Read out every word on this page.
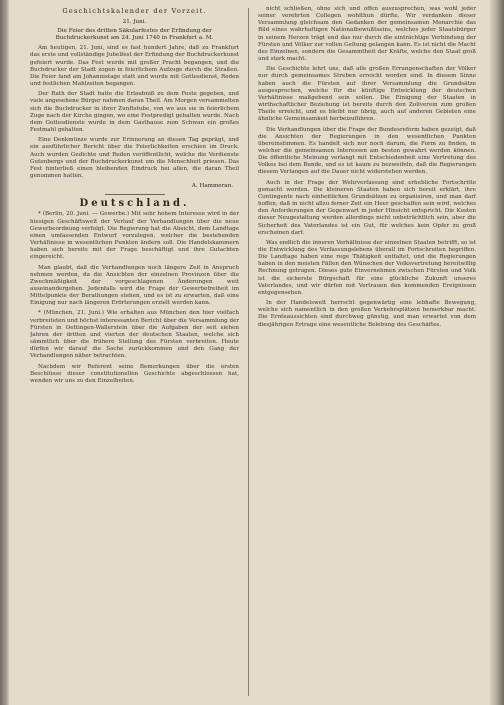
Geschichtskalender der Vorzeit.
21. Juni.
Die Feier des dritten Säkularfestes der Erfindung der Buchdruckerkunst am 24. Juni 1740 in Frankfurt a. M.

Am heutigen, 21. Juni, sind es fast hundert Jahre, daß zu Frankfurt das erste und vollständige Jubelfest der Erfindung der Buchdruckerkunst gefeiert wurde. Das Fest wurde mit großer Pracht begangen, und die Buchdrucker der Stadt zogen in feierlichem Aufzuge durch die Straßen. Die Feier fand am Johannistage statt und wurde mit Gottesdienst, Reden und festlichen Mahlzeiten begangen.

Der Rath der Stadt hatte die Erlaubniß zu dem Feste gegeben, und viele angesehene Bürger nahmen daran Theil. Am Morgen versammelten sich die Buchdrucker in ihrer Zunftstube, von wo aus sie in feierlichem Zuge nach der Kirche gingen, wo eine Festpredigt gehalten wurde. Nach dem Gottesdienste wurde in dem Gasthause zum Schwan ein großes Festmahl gehalten.

Eine Denkmünze wurde zur Erinnerung an diesen Tag geprägt, und ein ausführlicher Bericht über die Feierlichkeiten erschien im Druck. Auch wurden Gedichte und Reden veröffentlicht, welche die Verdienste Gutenbergs und der Buchdruckerkunst um die Menschheit priesen. Das Fest hinterließ einen bleibenden Eindruck bei allen, die daran Theil genommen hatten.

A. Hammeran.
Deutschland.

* (Berlin, 20. Juni. — Gewerbe.) Mit sehr hohem Interesse wird in der hiesigen Geschäftswelt der Verlauf der Verhandlungen über die neue Gewerbeordnung verfolgt. Die Regierung hat die Absicht, dem Landtage einen umfassenden Entwurf vorzulegen, welcher die bestehenden Verhältnisse in wesentlichen Punkten ändern soll. Die Handelskammern haben sich bereits mit der Frage beschäftigt und ihre Gutachten eingereicht.

Man glaubt, daß die Verhandlungen noch längere Zeit in Anspruch nehmen werden, da die Ansichten der einzelnen Provinzen über die Zweckmäßigkeit der vorgeschlagenen Änderungen weit auseinandergehen. Jedenfalls wird die Frage der Gewerbefreiheit im Mittelpunkte der Berathungen stehen, und es ist zu erwarten, daß eine Einigung nur nach längeren Erörterungen erzielt werden kann.

* (München, 21. Juni.) Wie erhalten aus München den hier vielfach verbreiteten und höchst interessanten Bericht über die Versammlung der Fürsten in Oettingen-Wallerstein über die Aufgaben der seit sieben Jahren der dritten und vierten der deutschen Staaten, welche sich sämmtlich über die frühere Stellung des Fürsten verbreiten. Heute dürfen wir darauf die Sache zurückkommen und den Gang der Verhandlungen näher betrachten.

Nachdem wir Referent seine Bemerkungen über die ersten Beschlüsse dieser constitutionellen Geschichte abgeschlossen hat, wenden wir uns zu den Einzelheiten.

nicht schließen, ohne sich und offen auszusprechen, was wohl jeder seiner verehrten Collegen wohlthun dürfte. Wir verdanken dieser Versammlung gleichsam den Gedanken der gemeinsamen Monarchie das Bild eines wahrhaftigen Nationalbewußtseins, welches jeder Staatsbürger in seinem Herzen trägt und das nur durch die einträchtige Verbindung der Fürsten und Völker zur vollen Geltung gelangen kann. Es ist nicht die Macht des Einzelnen, sondern die Gesammtheit der Kräfte, welche den Staat groß und stark macht.

Die Geschichte lehrt uns, daß alle großen Errungenschaften der Völker nur durch gemeinsames Streben erreicht worden sind. In diesem Sinne haben auch die Fürsten auf ihrer Versammlung die Grundsätze ausgesprochen, welche für die künftige Entwicklung der deutschen Verhältnisse maßgebend sein sollen. Die Einigung der Staaten in wirthschaftlicher Beziehung ist bereits durch den Zollverein zum großen Theile erreicht, und es bleibt nur übrig, auch auf anderen Gebieten eine ähnliche Gemeinsamkeit herbeizuführen.

Die Verhandlungen über die Frage der Bundesreform haben gezeigt, daß die Ansichten der Regierungen in den wesentlichen Punkten übereinstimmen. Es handelt sich nur noch darum, die Form zu finden, in welcher die gemeinsamen Interessen am besten gewahrt werden können. Die öffentliche Meinung verlangt mit Entschiedenheit eine Vertretung des Volkes bei dem Bunde, und es ist kaum zu bezweifeln, daß die Regierungen diesem Verlangen auf die Dauer nicht widerstehen werden.

Auch in der Frage der Wehrverfassung sind erhebliche Fortschritte gemacht worden. Die kleineren Staaten haben sich bereit erklärt, ihre Contingente nach einheitlichen Grundsätzen zu organisiren, und man darf hoffen, daß in nicht allzu ferner Zeit ein Heer geschaffen sein wird, welches den Anforderungen der Gegenwart in jeder Hinsicht entspricht. Die Kosten dieser Neugestaltung werden allerdings nicht unbeträchtlich sein, aber die Sicherheit des Vaterlandes ist ein Gut, für welches kein Opfer zu groß erscheinen darf.

Was endlich die inneren Verhältnisse der einzelnen Staaten betrifft, so ist die Entwicklung des Verfassungslebens überall im Fortschreiten begriffen. Die Landtage haben eine rege Thätigkeit entfaltet, und die Regierungen haben in den meisten Fällen den Wünschen der Volksvertretung bereitwillig Rechnung getragen. Dieses gute Einvernehmen zwischen Fürsten und Volk ist die sicherste Bürgschaft für eine glückliche Zukunft unseres Vaterlandes, und wir dürfen mit Vertrauen den kommenden Ereignissen entgegensehen.

In der Handelswelt herrscht gegenwärtig eine lebhafte Bewegung, welche sich namentlich in den großen Verkehrsplätzen bemerkbar macht. Die Ernteaussichten sind durchweg günstig, und man erwartet von dem diesjährigen Ertrage eine wesentliche Belebung des Geschäftes.
